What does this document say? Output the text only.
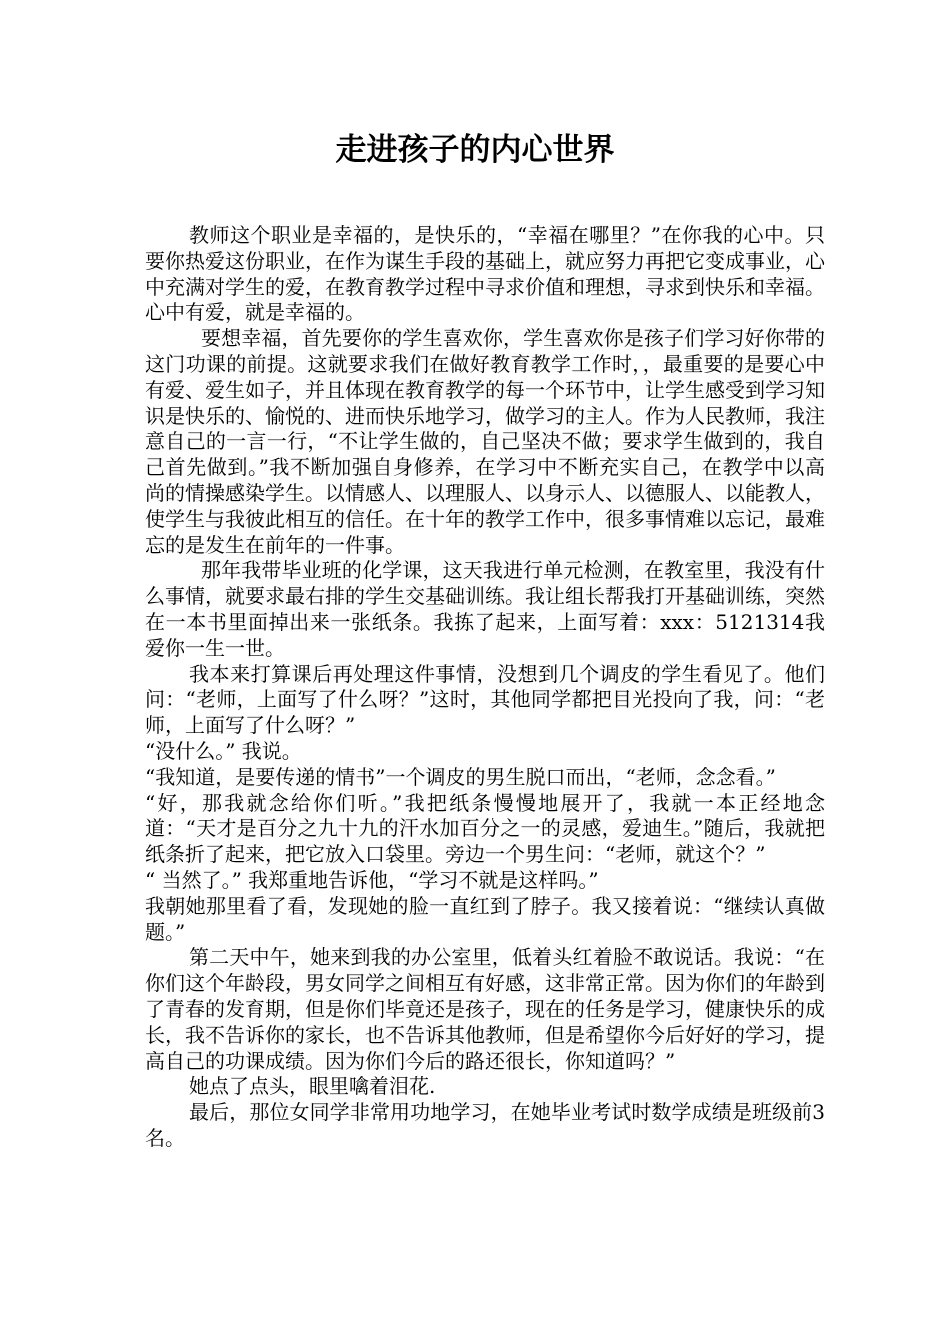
走进孩子的内心世界

教师这个职业是幸福的，是快乐的，“幸福在哪里？”在你我的心中。只要你热爱这份职业，在作为谋生手段的基础上，就应努力再把它变成事业，心中充满对学生的爱，在教育教学过程中寻求价值和理想，寻求到快乐和幸福。心中有爱，就是幸福的。

要想幸福，首先要你的学生喜欢你，学生喜欢你是孩子们学习好你带的这门功课的前提。这就要求我们在做好教育教学工作时，，最重要的是要心中有爱、爱生如子，并且体现在教育教学的每一个环节中，让学生感受到学习知识是快乐的、愉悦的、进而快乐地学习，做学习的主人。作为人民教师，我注意自己的一言一行，“不让学生做的，自己坚决不做；要求学生做到的，我自己首先做到。”我不断加强自身修养，在学习中不断充实自己，在教学中以高尚的情操感染学生。以情感人、以理服人、以身示人、以德服人、以能教人，使学生与我彼此相互的信任。在十年的教学工作中，很多事情难以忘记，最难忘的是发生在前年的一件事。

那年我带毕业班的化学课，这天我进行单元检测，在教室里，我没有什么事情，就要求最右排的学生交基础训练。我让组长帮我打开基础训练，突然在一本书里面掉出来一张纸条。我拣了起来，上面写着：xxx：5121314我爱你一生一世。

我本来打算课后再处理这件事情，没想到几个调皮的学生看见了。他们问：“老师，上面写了什么呀？”这时，其他同学都把目光投向了我，问：“老师，上面写了什么呀？”

“没什么。” 我说。

“我知道，是要传递的情书”一个调皮的男生脱口而出，“老师，念念看。”

“好，那我就念给你们听。”我把纸条慢慢地展开了，我就一本正经地念道：“天才是百分之九十九的汗水加百分之一的灵感，爱迪生。”随后，我就把纸条折了起来，把它放入口袋里。旁边一个男生问：“老师，就这个？”

“ 当然了。” 我郑重地告诉他，“学习不就是这样吗。”

我朝她那里看了看，发现她的脸一直红到了脖子。我又接着说：“继续认真做题。”

第二天中午，她来到我的办公室里，低着头红着脸不敢说话。我说：“在你们这个年龄段，男女同学之间相互有好感，这非常正常。因为你们的年龄到了青春的发育期，但是你们毕竟还是孩子，现在的任务是学习，健康快乐的成长，我不告诉你的家长，也不告诉其他教师，但是希望你今后好好的学习，提高自己的功课成绩。因为你们今后的路还很长，你知道吗？”

她点了点头，眼里噙着泪花.

最后，那位女同学非常用功地学习，在她毕业考试时数学成绩是班级前3名。
